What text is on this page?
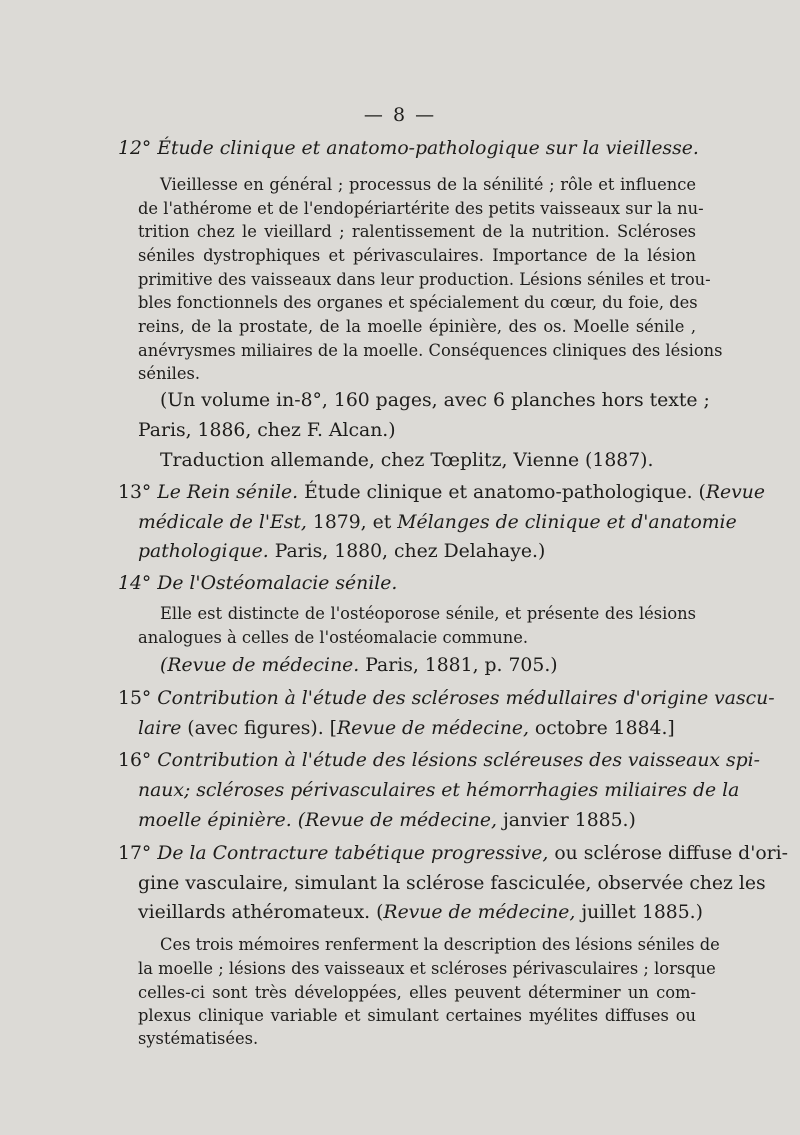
— 8 —
12° Étude clinique et anatomo-pathologique sur la vieillesse.
Vieillesse en général ; processus de la sénilité ; rôle et influence
de l'athérome et de l'endopériartérite des petits vaisseaux sur la nu-
trition chez le vieillard ; ralentissement de la nutrition. Scléroses
séniles dystrophiques et périvasculaires. Importance de la lésion
primitive des vaisseaux dans leur production. Lésions séniles et trou-
bles fonctionnels des organes et spécialement du cœur, du foie, des
reins, de la prostate, de la moelle épinière, des os. Moelle sénile ,
anévrysmes miliaires de la moelle. Conséquences cliniques des lésions
séniles.
(Un volume in-8°, 160 pages, avec 6 planches hors texte ;
Paris, 1886, chez F. Alcan.)
Traduction allemande, chez Tœplitz, Vienne (1887).
13° Le Rein sénile. Étude clinique et anatomo-pathologique. (Revue
médicale de l'Est, 1879, et Mélanges de clinique et d'anatomie
pathologique. Paris, 1880, chez Delahaye.)
14° De l'Ostéomalacie sénile.
Elle est distincte de l'ostéoporose sénile, et présente des lésions
analogues à celles de l'ostéomalacie commune.
(Revue de médecine. Paris, 1881, p. 705.)
15° Contribution à l'étude des scléroses médullaires d'origine vascu-
laire (avec figures). [Revue de médecine, octobre 1884.]
16° Contribution à l'étude des lésions scléreuses des vaisseaux spi-
naux; scléroses périvasculaires et hémorrhagies miliaires de la
moelle épinière. (Revue de médecine, janvier 1885.)
17° De la Contracture tabétique progressive, ou sclérose diffuse d'ori-
gine vasculaire, simulant la sclérose fasciculée, observée chez les
vieillards athéromateux. (Revue de médecine, juillet 1885.)
Ces trois mémoires renferment la description des lésions séniles de
la moelle ; lésions des vaisseaux et scléroses périvasculaires ; lorsque
celles-ci sont très développées, elles peuvent déterminer un com-
plexus clinique variable et simulant certaines myélites diffuses ou
systématisées.
